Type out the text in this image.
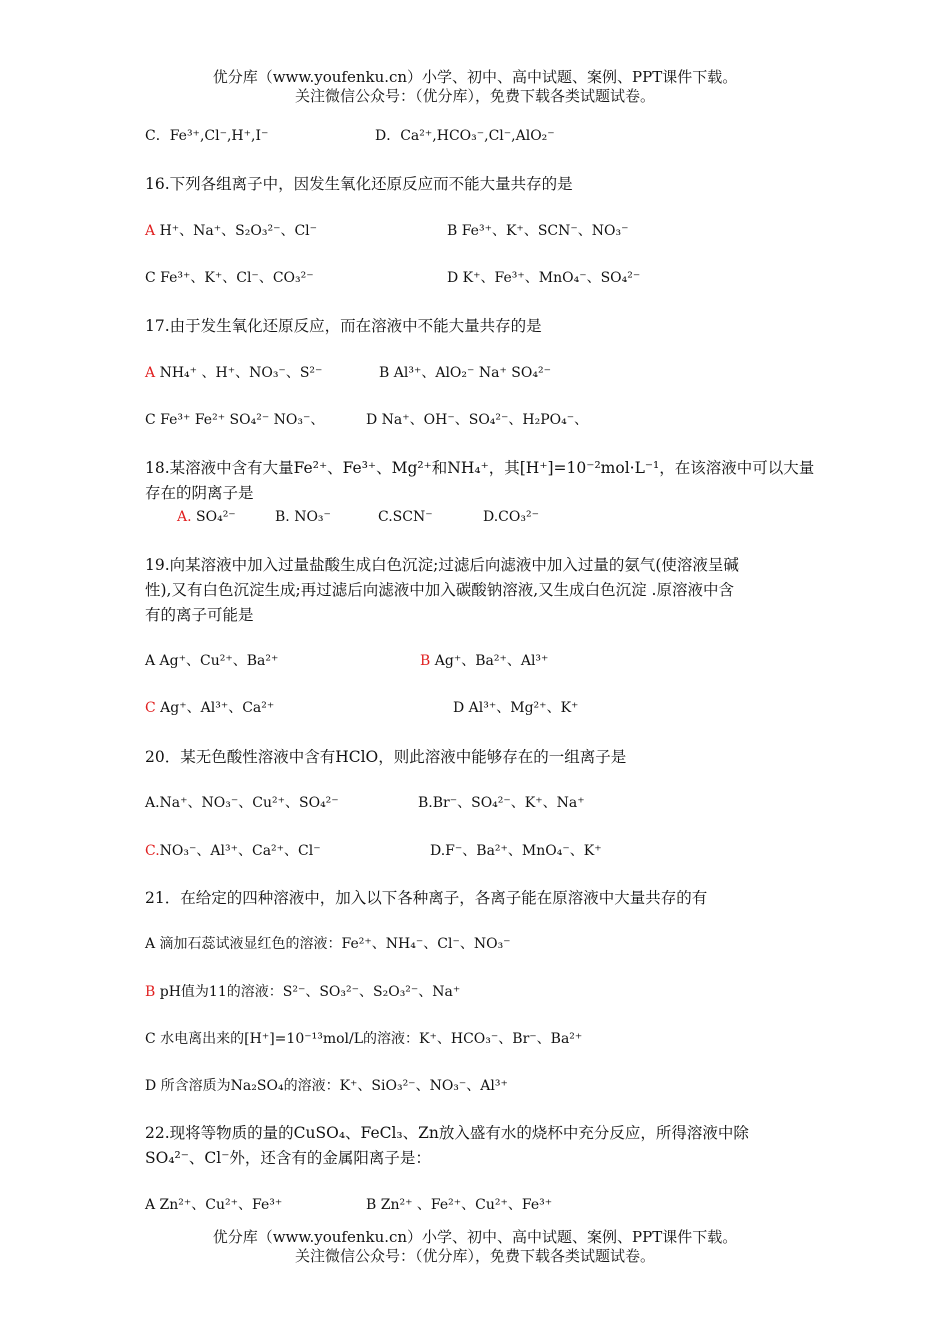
优分库（www.youfenku.cn）小学、初中、高中试题、案例、PPT课件下载。
关注微信公众号：（优分库），免费下载各类试题试卷。
C．Fe³⁺,Cl⁻,H⁺,I⁻	D．Ca²⁺,HCO₃⁻,Cl⁻,AlO₂⁻
16.下列各组离子中，因发生氧化还原反应而不能大量共存的是
A H⁺、Na⁺、S₂O₃²⁻、Cl⁻	B Fe³⁺、K⁺、SCN⁻、NO₃⁻
C Fe³⁺、K⁺、Cl⁻、CO₃²⁻	D K⁺、Fe³⁺、MnO₄⁻、SO₄²⁻
17.由于发生氧化还原反应，而在溶液中不能大量共存的是
A NH₄⁺ 、H⁺、NO₃⁻、S²⁻	B Al³⁺、AlO₂⁻ Na⁺ SO₄²⁻
C Fe³⁺ Fe²⁺ SO₄²⁻ NO₃⁻、	D Na⁺、OH⁻、SO₄²⁻、H₂PO₄⁻、
18.某溶液中含有大量Fe²⁺、Fe³⁺、Mg²⁺和NH₄⁺，其[H⁺]=10⁻²mol·L⁻¹，在该溶液中可以大量
存在的阴离子是
A. SO₄²⁻	B. NO₃⁻	C.SCN⁻	D.CO₃²⁻
19.向某溶液中加入过量盐酸生成白色沉淀;过滤后向滤液中加入过量的氨气(使溶液呈碱
性),又有白色沉淀生成;再过滤后向滤液中加入碳酸钠溶液,又生成白色沉淀 .原溶液中含
有的离子可能是
A Ag⁺、Cu²⁺、Ba²⁺	B Ag⁺、Ba²⁺、Al³⁺
C Ag⁺、Al³⁺、Ca²⁺	D Al³⁺、Mg²⁺、K⁺
20．某无色酸性溶液中含有HClO，则此溶液中能够存在的一组离子是
A.Na⁺、NO₃⁻、Cu²⁺、SO₄²⁻	B.Br⁻、SO₄²⁻、K⁺、Na⁺
C.NO₃⁻、Al³⁺、Ca²⁺、Cl⁻	D.F⁻、Ba²⁺、MnO₄⁻、K⁺
21．在给定的四种溶液中，加入以下各种离子，各离子能在原溶液中大量共存的有
A 滴加石蕊试液显红色的溶液：Fe²⁺、NH₄⁻、Cl⁻、NO₃⁻
B pH值为11的溶液：S²⁻、SO₃²⁻、S₂O₃²⁻、Na⁺
C 水电离出来的[H⁺]=10⁻¹³mol/L的溶液：K⁺、HCO₃⁻、Br⁻、Ba²⁺
D 所含溶质为Na₂SO₄的溶液：K⁺、SiO₃²⁻、NO₃⁻、Al³⁺
22.现将等物质的量的CuSO₄、FeCl₃、Zn放入盛有水的烧杯中充分反应，所得溶液中除
SO₄²⁻、Cl⁻外，还含有的金属阳离子是：
A Zn²⁺、Cu²⁺、Fe³⁺	B Zn²⁺ 、Fe²⁺、Cu²⁺、Fe³⁺
优分库（www.youfenku.cn）小学、初中、高中试题、案例、PPT课件下载。
关注微信公众号：（优分库），免费下载各类试题试卷。
